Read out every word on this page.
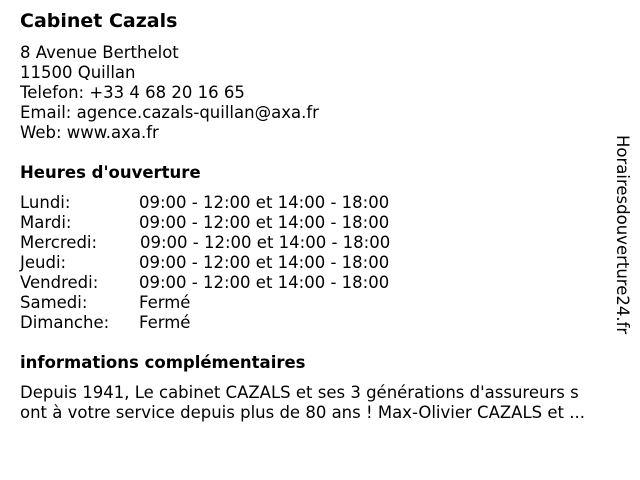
Cabinet Cazals
8 Avenue Berthelot
11500 Quillan
Telefon: +33 4 68 20 16 65
Email: agence.cazals-quillan@axa.fr
Web: www.axa.fr
Heures d'ouverture
Lundi:	09:00 - 12:00 et 14:00 - 18:00
Mardi:	09:00 - 12:00 et 14:00 - 18:00
Mercredi:	09:00 - 12:00 et 14:00 - 18:00
Jeudi:	09:00 - 12:00 et 14:00 - 18:00
Vendredi: 09:00 - 12:00 et 14:00 - 18:00
Samedi:	Fermé
Dimanche: Fermé
informations complémentaires
Depuis 1941, Le cabinet CAZALS et ses 3 générations d'assureurs s
ont à votre service depuis plus de 80 ans ! Max-Olivier CAZALS et ...
Horairesdouverture24.fr
